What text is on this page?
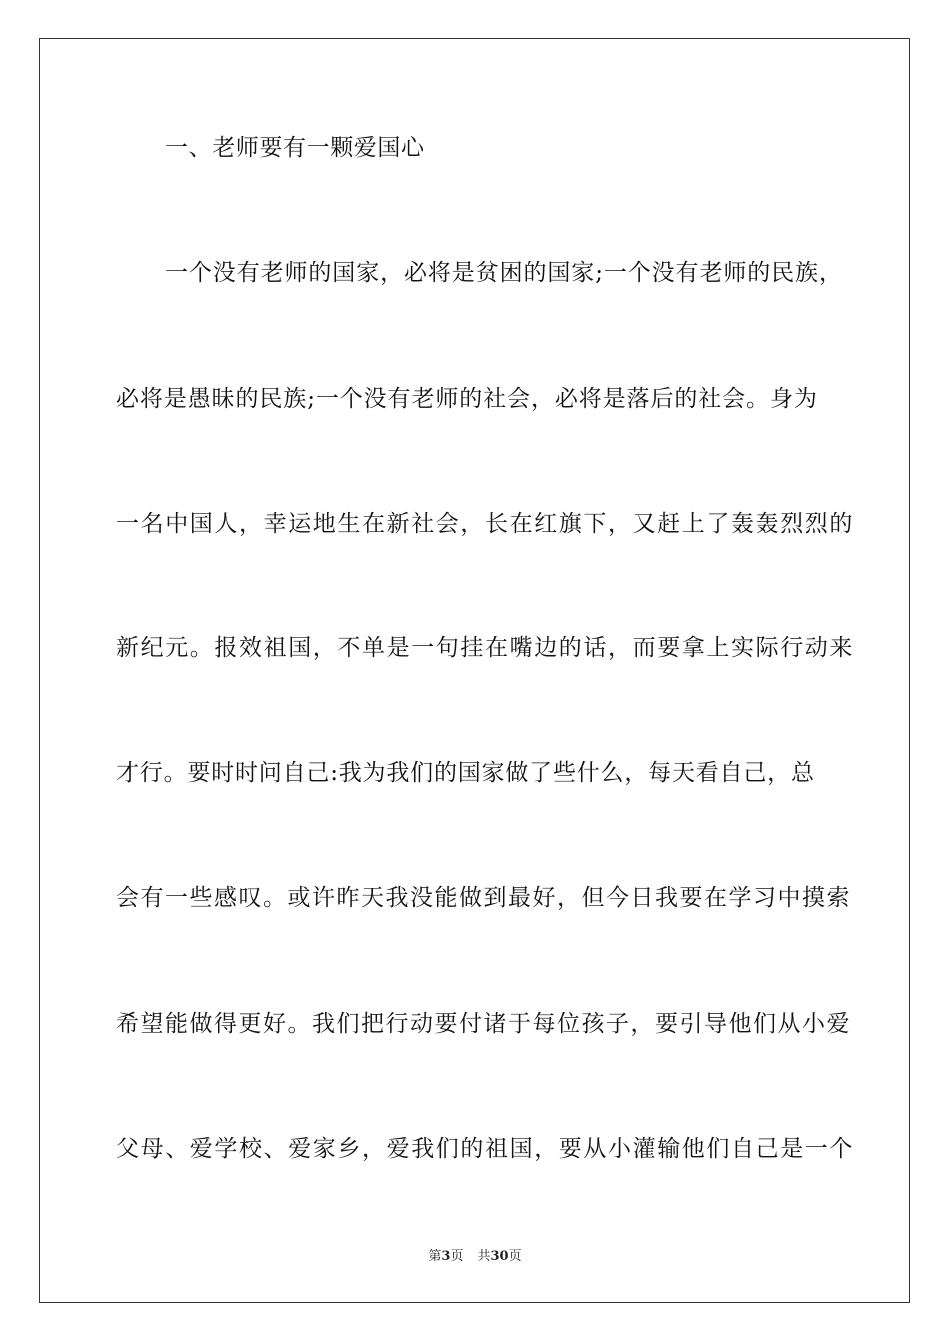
一、老师要有一颗爱国心
一个没有老师的国家，必将是贫困的国家;一个没有老师的民族，
必将是愚昧的民族;一个没有老师的社会，必将是落后的社会。身为
一名中国人，幸运地生在新社会，长在红旗下，又赶上了轰轰烈烈的
新纪元。报效祖国，不单是一句挂在嘴边的话，而要拿上实际行动来
才行。要时时问自己:我为我们的国家做了些什么，每天看自己，总
会有一些感叹。或许昨天我没能做到最好，但今日我要在学习中摸索
希望能做得更好。我们把行动要付诸于每位孩子，要引导他们从小爱
父母、爱学校、爱家乡，爱我们的祖国，要从小灌输他们自己是一个
第3页 共30页
